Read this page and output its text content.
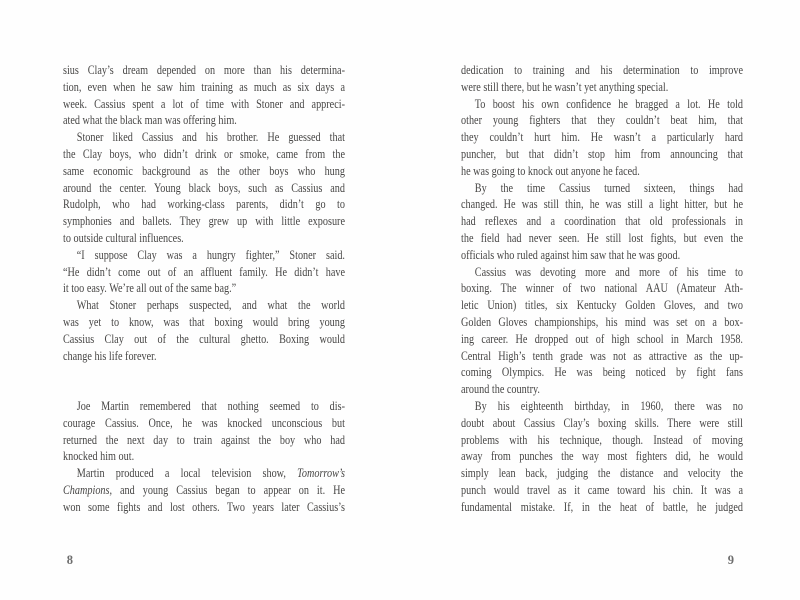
sius Clay’s dream depended on more than his determina-
tion, even when he saw him training as much as six days a
week. Cassius spent a lot of time with Stoner and appreci-
ated what the black man was offering him.
Stoner liked Cassius and his brother. He guessed that
the Clay boys, who didn’t drink or smoke, came from the
same economic background as the other boys who hung
around the center. Young black boys, such as Cassius and
Rudolph, who had working-class parents, didn’t go to
symphonies and ballets. They grew up with little exposure
to outside cultural influences.
“I suppose Clay was a hungry fighter,” Stoner said.
“He didn’t come out of an affluent family. He didn’t have
it too easy. We’re all out of the same bag.”
What Stoner perhaps suspected, and what the world
was yet to know, was that boxing would bring young
Cassius Clay out of the cultural ghetto. Boxing would
change his life forever.
Joe Martin remembered that nothing seemed to dis-
courage Cassius. Once, he was knocked unconscious but
returned the next day to train against the boy who had
knocked him out.
Martin produced a local television show, Tomorrow’s
Champions, and young Cassius began to appear on it. He
won some fights and lost others. Two years later Cassius’s
dedication to training and his determination to improve
were still there, but he wasn’t yet anything special.
To boost his own confidence he bragged a lot. He told
other young fighters that they couldn’t beat him, that
they couldn’t hurt him. He wasn’t a particularly hard
puncher, but that didn’t stop him from announcing that
he was going to knock out anyone he faced.
By the time Cassius turned sixteen, things had
changed. He was still thin, he was still a light hitter, but he
had reflexes and a coordination that old professionals in
the field had never seen. He still lost fights, but even the
officials who ruled against him saw that he was good.
Cassius was devoting more and more of his time to
boxing. The winner of two national AAU (Amateur Ath-
letic Union) titles, six Kentucky Golden Gloves, and two
Golden Gloves championships, his mind was set on a box-
ing career. He dropped out of high school in March 1958.
Central High’s tenth grade was not as attractive as the up-
coming Olympics. He was being noticed by fight fans
around the country.
By his eighteenth birthday, in 1960, there was no
doubt about Cassius Clay’s boxing skills. There were still
problems with his technique, though. Instead of moving
away from punches the way most fighters did, he would
simply lean back, judging the distance and velocity the
punch would travel as it came toward his chin. It was a
fundamental mistake. If, in the heat of battle, he judged
8	9
